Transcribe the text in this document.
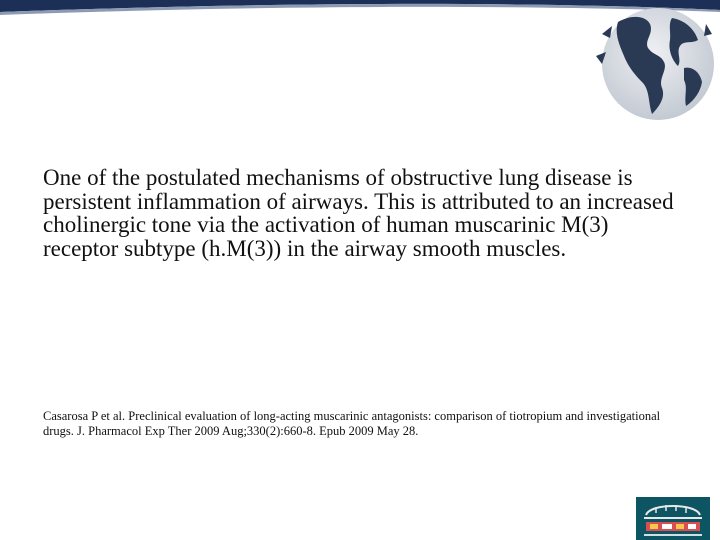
One of the postulated mechanisms of obstructive lung disease is persistent inflammation of airways. This is attributed to an increased cholinergic tone via the activation of human muscarinic M(3) receptor subtype (h.M(3)) in the airway smooth muscles.

Casarosa P et al. Preclinical evaluation of long-acting muscarinic antagonists: comparison of tiotropium and investigational drugs. J. Pharmacol Exp Ther 2009 Aug;330(2):660-8. Epub 2009 May 28.
